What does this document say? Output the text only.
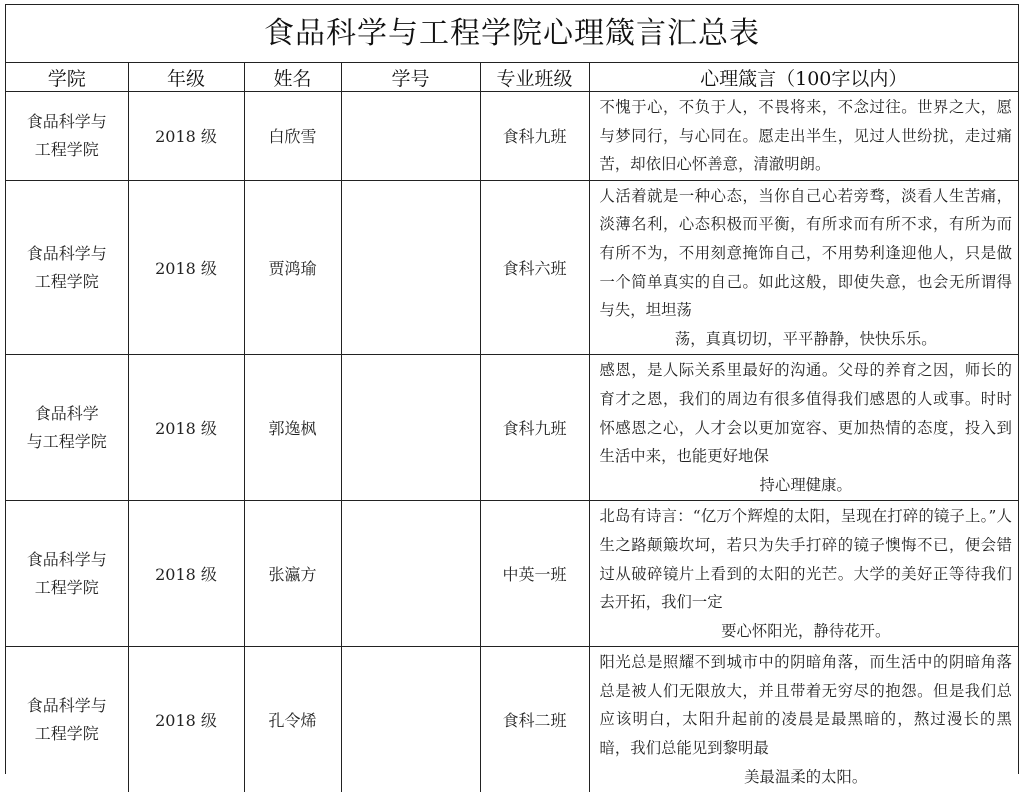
食品科学与工程学院心理箴言汇总表
学院	年级	姓名	学号	专业班级	心理箴言（100字以内）
食品科学与
工程学院	2018 级	白欣雪		食科九班	不愧于心，不负于人，不畏将来，不念过往。世界之大，愿与梦同行，与心同在。愿走出半生，见过人世纷扰，走过痛苦，却依旧心怀善意，清澈明朗。
食品科学与
工程学院	2018 级	贾鸿瑜		食科六班	人活着就是一种心态，当你自己心若旁骛，淡看人生苦痛，淡薄名利，心态积极而平衡，有所求而有所不求，有所为而有所不为，不用刻意掩饰自己，不用势利逢迎他人，只是做一个简单真实的自己。如此这般，即使失意，也会无所谓得与失，坦坦荡
荡，真真切切，平平静静，快快乐乐。

食品科学
与工程学院	2018 级	郭逸枫		食科九班	感恩，是人际关系里最好的沟通。父母的养育之因，师长的育才之恩，我们的周边有很多值得我们感恩的人或事。时时怀感恩之心，人才会以更加宽容、更加热情的态度，投入到生活中来，也能更好地保
持心理健康。

食品科学与
工程学院	2018 级	张瀛方		中英一班	北岛有诗言：“亿万个辉煌的太阳，呈现在打碎的镜子上。”人生之路颠簸坎坷，若只为失手打碎的镜子懊悔不已，便会错过从破碎镜片上看到的太阳的光芒。大学的美好正等待我们去开拓，我们一定
要心怀阳光，静待花开。

食品科学与
工程学院	2018 级	孔令烯		食科二班	阳光总是照耀不到城市中的阴暗角落，而生活中的阴暗角落总是被人们无限放大，并且带着无穷尽的抱怨。但是我们总应该明白，太阳升起前的凌晨是最黑暗的，熬过漫长的黑暗，我们总能见到黎明最
美最温柔的太阳。
